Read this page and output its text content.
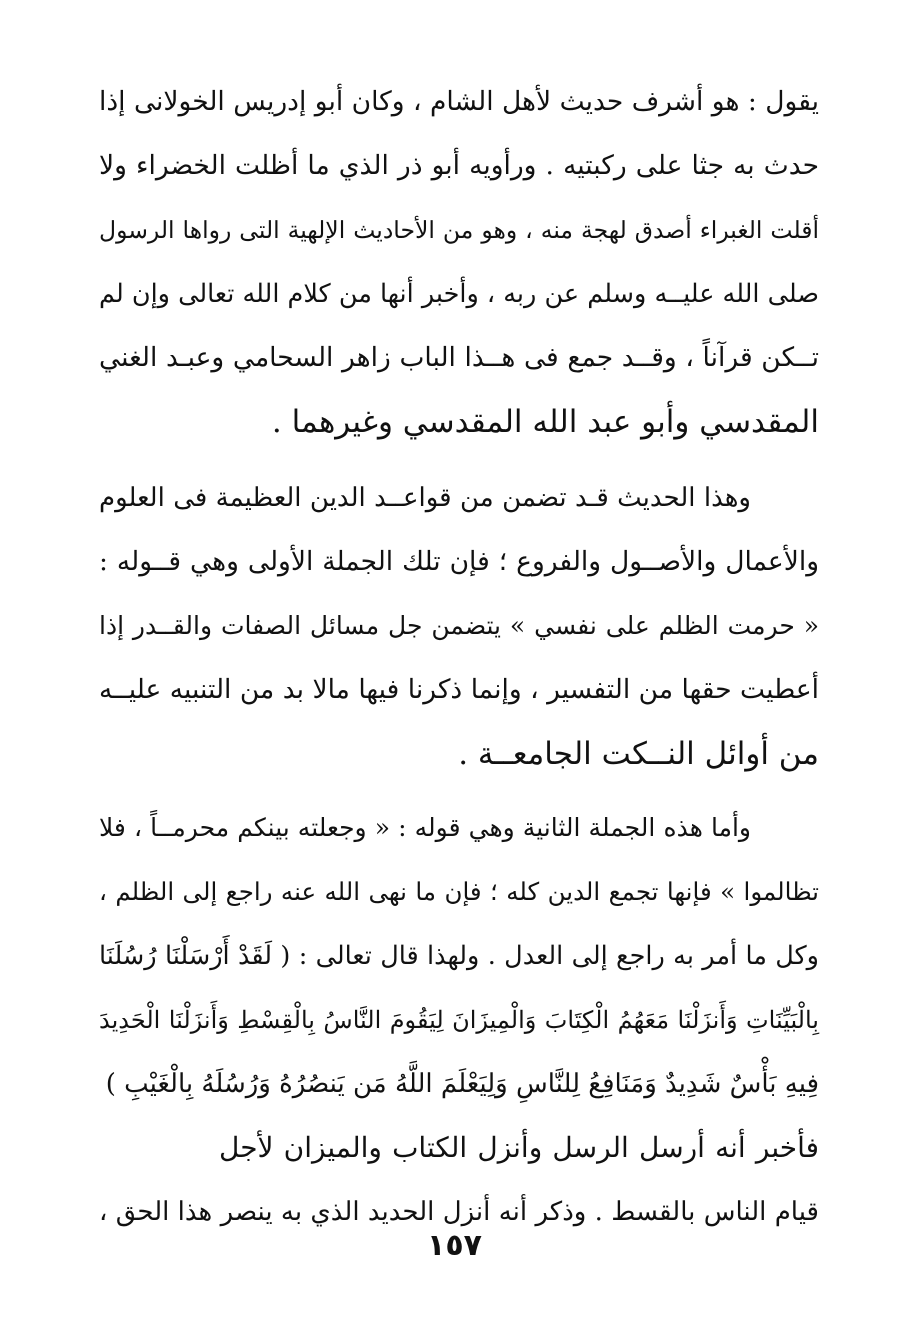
يقول : هو أشرف حديث لأهل الشام ، وكان أبو إدريس الخولانى إذا
حدث به جثا على ركبتيه . ورأويه أبو ذر الذي ما أظلت الخضراء ولا
أقلت الغبراء أصدق لهجة منه ، وهو من الأحاديث الإلهية التى رواها الرسول
صلى الله عليــه وسلم عن ربه ، وأخبر أنها من كلام الله تعالى وإن لم
تــكن قرآناً ، وقــد جمع فى هــذا الباب زاهر السحامي وعبـد الغني
المقدسي وأبو عبد الله المقدسي وغيرهما .
وهذا الحديث قـد تضمن من قواعــد الدين العظيمة فى العلوم
والأعمال والأصــول والفروع ؛ فإن تلك الجملة الأولى وهي قــوله :
« حرمت الظلم على نفسي » يتضمن جل مسائل الصفات والقــدر إذا
أعطيت حقها من التفسير ، وإنما ذكرنا فيها مالا بد من التنبيه عليــه
من أوائل النــكت الجامعــة .
وأما هذه الجملة الثانية وهي قوله : « وجعلته بينكم محرمــاً ، فلا
تظالموا » فإنها تجمع الدين كله ؛ فإن ما نهى الله عنه راجع إلى الظلم ،
وكل ما أمر به راجع إلى العدل . ولهذا قال تعالى : ( لَقَدْ أَرْسَلْنَا رُسُلَنَا
بِالْبَيِّنَاتِ وَأَنزَلْنَا مَعَهُمُ الْكِتَابَ وَالْمِيزَانَ لِيَقُومَ النَّاسُ بِالْقِسْطِ وَأَنزَلْنَا الْحَدِيدَ
فِيهِ بَأْسٌ شَدِيدٌ وَمَنَافِعُ لِلنَّاسِ وَلِيَعْلَمَ اللَّهُ مَن يَنصُرُهُ وَرُسُلَهُ بِالْغَيْبِ )
فأخبر أنه أرسل الرسل وأنزل الكتاب والميزان لأجل
قيام الناس بالقسط . وذكر أنه أنزل الحديد الذي به ينصر هذا الحق ،
١٥٧
